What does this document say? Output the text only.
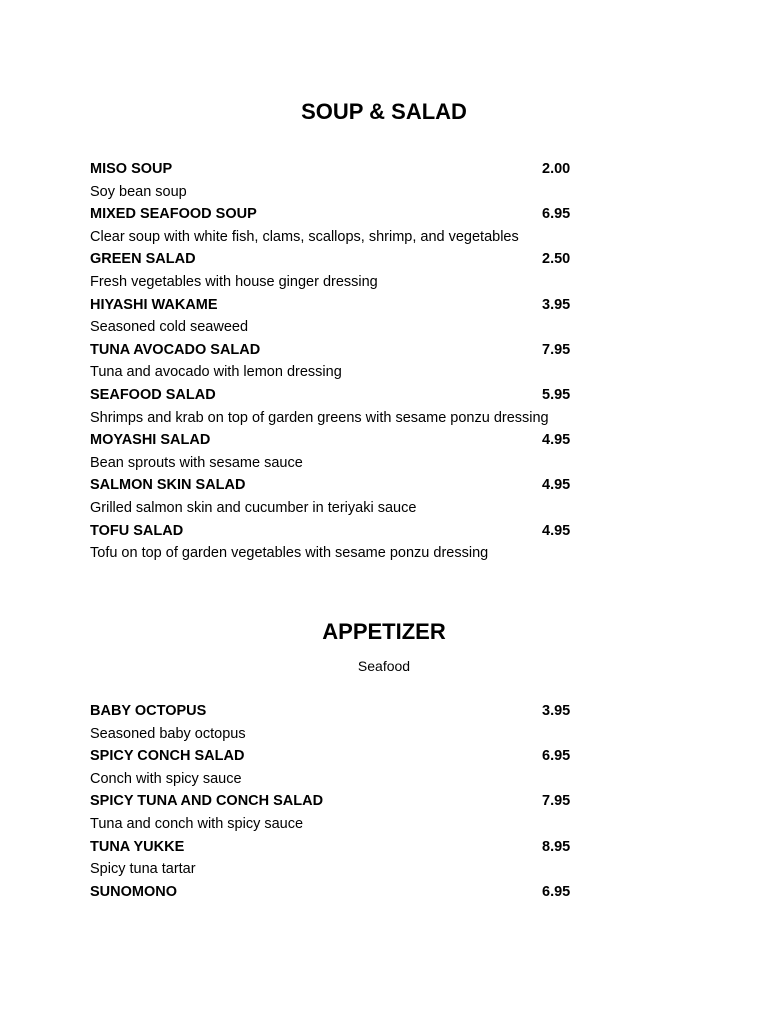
SOUP & SALAD
MISO SOUP	2.00
Soy bean soup
MIXED SEAFOOD SOUP	6.95
Clear soup with white fish, clams, scallops, shrimp, and vegetables
GREEN SALAD	2.50
Fresh vegetables with house ginger dressing
HIYASHI WAKAME	3.95
Seasoned cold seaweed
TUNA AVOCADO SALAD	7.95
Tuna and avocado with lemon dressing
SEAFOOD SALAD	5.95
Shrimps and krab on top of garden greens with sesame ponzu dressing
MOYASHI SALAD	4.95
Bean sprouts with sesame sauce
SALMON SKIN SALAD	4.95
Grilled salmon skin and cucumber in teriyaki sauce
TOFU SALAD	4.95
Tofu on top of garden vegetables with sesame ponzu dressing
APPETIZER

Seafood

BABY OCTOPUS	3.95
Seasoned baby octopus
SPICY CONCH SALAD	6.95
Conch with spicy sauce
SPICY TUNA AND CONCH SALAD	7.95
Tuna and conch with spicy sauce
TUNA YUKKE	8.95
Spicy tuna tartar
SUNOMONO	6.95
